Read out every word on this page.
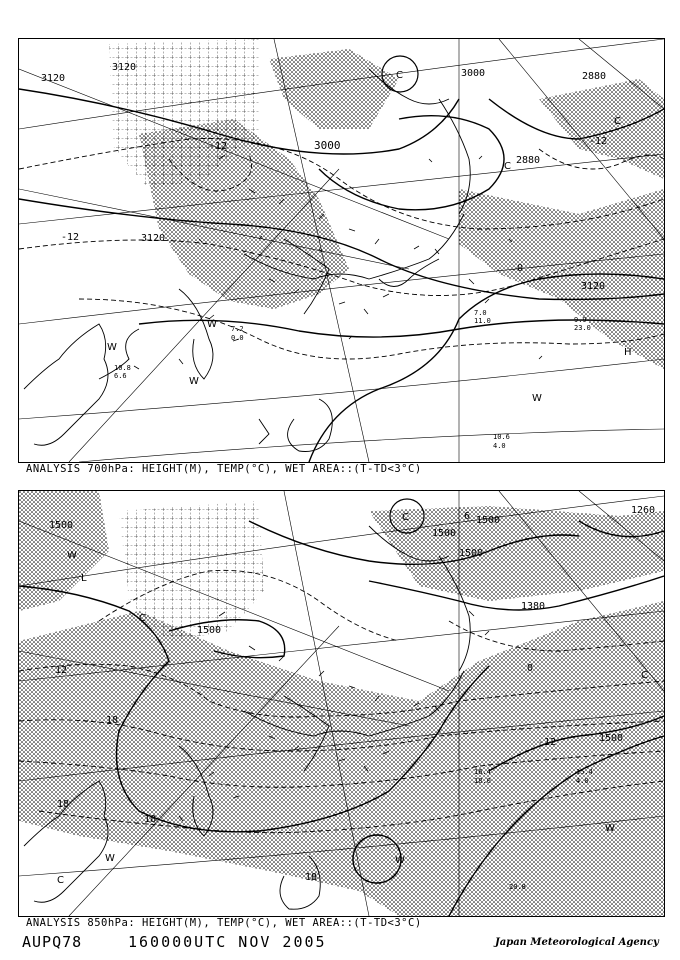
3120
3120
3000
3000
2880
2880
3120
3120
-12
-12
-12
0
C
C
C
H
W
W
W
W
10.6
4.0
7.2
0.0
7.0
11.0	9.9
23.0
10.8
6.6
ANALYSIS 700hPa: HEIGHT(M), TEMP(°C), WET AREA::(T-TD<3°C)
1500
1500
1500
1500
1380
1500
1500
1260
12
18
18
18
18
-12
0
6
C
C
C
L
C
W
W	W
W
20.8
15.4
4.0
16.4
18.0
ANALYSIS 850hPa: HEIGHT(M), TEMP(°C), WET AREA::(T-TD<3°C)
AUPQ78	160000UTC NOV 2005	Japan Meteorological Agency
